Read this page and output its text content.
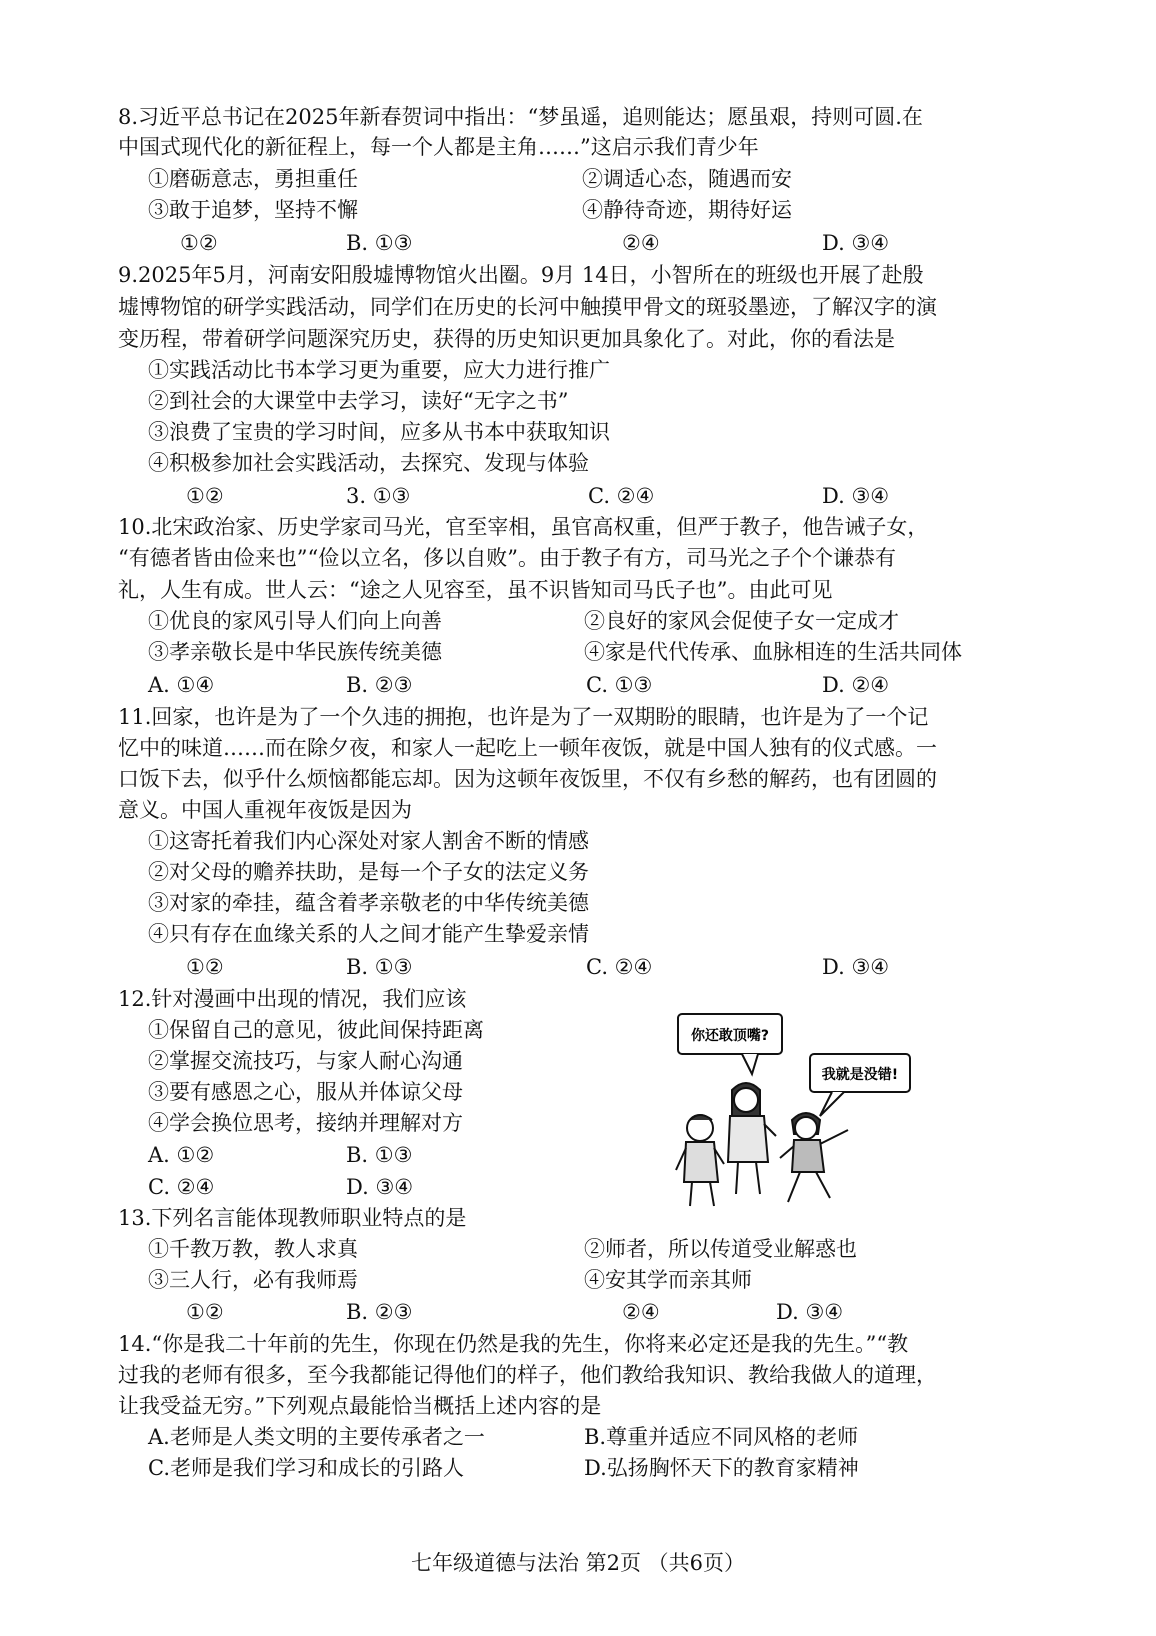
8.习近平总书记在2025年新春贺词中指出：“梦虽遥，追则能达；愿虽艰，持则可圆.在
中国式现代化的新征程上，每一个人都是主角……”这启示我们青少年
①磨砺意志，勇担重任	②调适心态，随遇而安
③敢于追梦，坚持不懈	④静待奇迹，期待好运
①②	B. ①③	②④	D. ③④
9.2025年5月，河南安阳殷墟博物馆火出圈。9月 14日，小智所在的班级也开展了赴殷
墟博物馆的研学实践活动，同学们在历史的长河中触摸甲骨文的斑驳墨迹，了解汉字的演
变历程，带着研学问题深究历史，获得的历史知识更加具象化了。对此，你的看法是
①实践活动比书本学习更为重要，应大力进行推广
②到社会的大课堂中去学习，读好“无字之书”
③浪费了宝贵的学习时间，应多从书本中获取知识
④积极参加社会实践活动，去探究、发现与体验
①②	3. ①③	C. ②④	D. ③④
10.北宋政治家、历史学家司马光，官至宰相，虽官高权重，但严于教子，他告诫子女，
“有德者皆由俭来也”“俭以立名，侈以自败”。由于教子有方，司马光之子个个谦恭有
礼，人生有成。世人云：“途之人见容至，虽不识皆知司马氏子也”。由此可见
①优良的家风引导人们向上向善	②良好的家风会促使子女一定成才
③孝亲敬长是中华民族传统美德	④家是代代传承、血脉相连的生活共同体
A. ①④	B. ②③	C. ①③	D. ②④
11.回家，也许是为了一个久违的拥抱，也许是为了一双期盼的眼睛，也许是为了一个记
忆中的味道……而在除夕夜，和家人一起吃上一顿年夜饭，就是中国人独有的仪式感。一
口饭下去，似乎什么烦恼都能忘却。因为这顿年夜饭里，不仅有乡愁的解药，也有团圆的
意义。中国人重视年夜饭是因为
①这寄托着我们内心深处对家人割舍不断的情感
②对父母的赡养扶助，是每一个子女的法定义务
③对家的牵挂，蕴含着孝亲敬老的中华传统美德
④只有存在血缘关系的人之间才能产生挚爱亲情
①②	B. ①③	C. ②④	D. ③④
12.针对漫画中出现的情况，我们应该
①保留自己的意见，彼此间保持距离
②掌握交流技巧，与家人耐心沟通
③要有感恩之心，服从并体谅父母
④学会换位思考，接纳并理解对方
A. ①②	B. ①③
C. ②④	D. ③④
你还敢顶嘴?
我就是没错!
13.下列名言能体现教师职业特点的是
①千教万教，教人求真	②师者，所以传道受业解惑也
③三人行，必有我师焉	④安其学而亲其师
①②	B. ②③	②④	D. ③④
14.“你是我二十年前的先生，你现在仍然是我的先生，你将来必定还是我的先生。”“教
过我的老师有很多，至今我都能记得他们的样子，他们教给我知识、教给我做人的道理，
让我受益无穷。”下列观点最能恰当概括上述内容的是
A.老师是人类文明的主要传承者之一	B.尊重并适应不同风格的老师
C.老师是我们学习和成长的引路人	D.弘扬胸怀天下的教育家精神
七年级道德与法治 第2页 （共6页）
